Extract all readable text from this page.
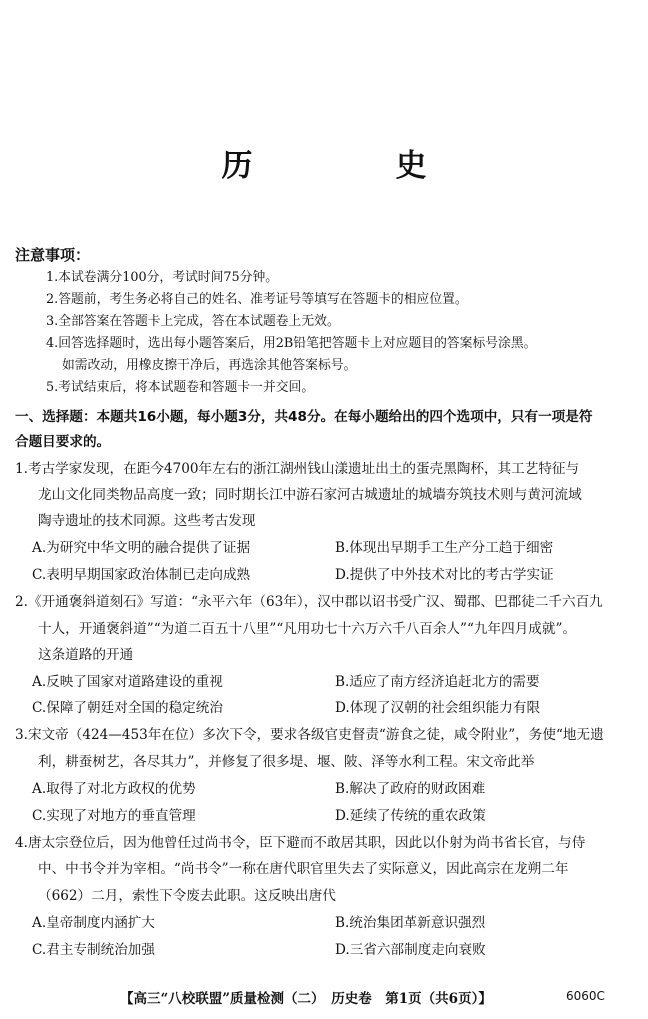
历　史
注意事项：
1.本试卷满分100分，考试时间75分钟。
2.答题前，考生务必将自己的姓名、准考证号等填写在答题卡的相应位置。
3.全部答案在答题卡上完成，答在本试题卷上无效。
4.回答选择题时，选出每小题答案后，用2B铅笔把答题卡上对应题目的答案标号涂黑。
如需改动，用橡皮擦干净后，再选涂其他答案标号。
5.考试结束后，将本试题卷和答题卡一并交回。
一、选择题：本题共16小题，每小题3分，共48分。在每小题给出的四个选项中，只有一项是符
合题目要求的。
1.考古学家发现，在距今4700年左右的浙江湖州钱山漾遗址出土的蛋壳黑陶杯，其工艺特征与
龙山文化同类物品高度一致；同时期长江中游石家河古城遗址的城墙夯筑技术则与黄河流域
陶寺遗址的技术同源。这些考古发现
A.为研究中华文明的融合提供了证据	B.体现出早期手工生产分工趋于细密
C.表明早期国家政治体制已走向成熟	D.提供了中外技术对比的考古学实证
2.《开通褒斜道刻石》写道：“永平六年（63年），汉中郡以诏书受广汉、蜀郡、巴郡徒二千六百九
十人，开通褒斜道”“为道二百五十八里”“凡用功七十六万六千八百余人”“九年四月成就”。
这条道路的开通
A.反映了国家对道路建设的重视	B.适应了南方经济追赶北方的需要
C.保障了朝廷对全国的稳定统治	D.体现了汉朝的社会组织能力有限
3.宋文帝（424—453年在位）多次下令，要求各级官吏督责“游食之徒，咸令附业”，务使“地无遗
利，耕蚕树艺，各尽其力”，并修复了很多堤、堰、陂、泽等水利工程。宋文帝此举
A.取得了对北方政权的优势	B.解决了政府的财政困难
C.实现了对地方的垂直管理	D.延续了传统的重农政策
4.唐太宗登位后，因为他曾任过尚书令，臣下避而不敢居其职，因此以仆射为尚书省长官，与侍
中、中书令并为宰相。“尚书令”一称在唐代职官里失去了实际意义，因此高宗在龙朔二年
（662）二月，索性下令废去此职。这反映出唐代
A.皇帝制度内涵扩大	B.统治集团革新意识强烈
C.君主专制统治加强	D.三省六部制度走向衰败
【高三“八校联盟”质量检测（二）　历史卷　第1页（共6页）】	6060C
